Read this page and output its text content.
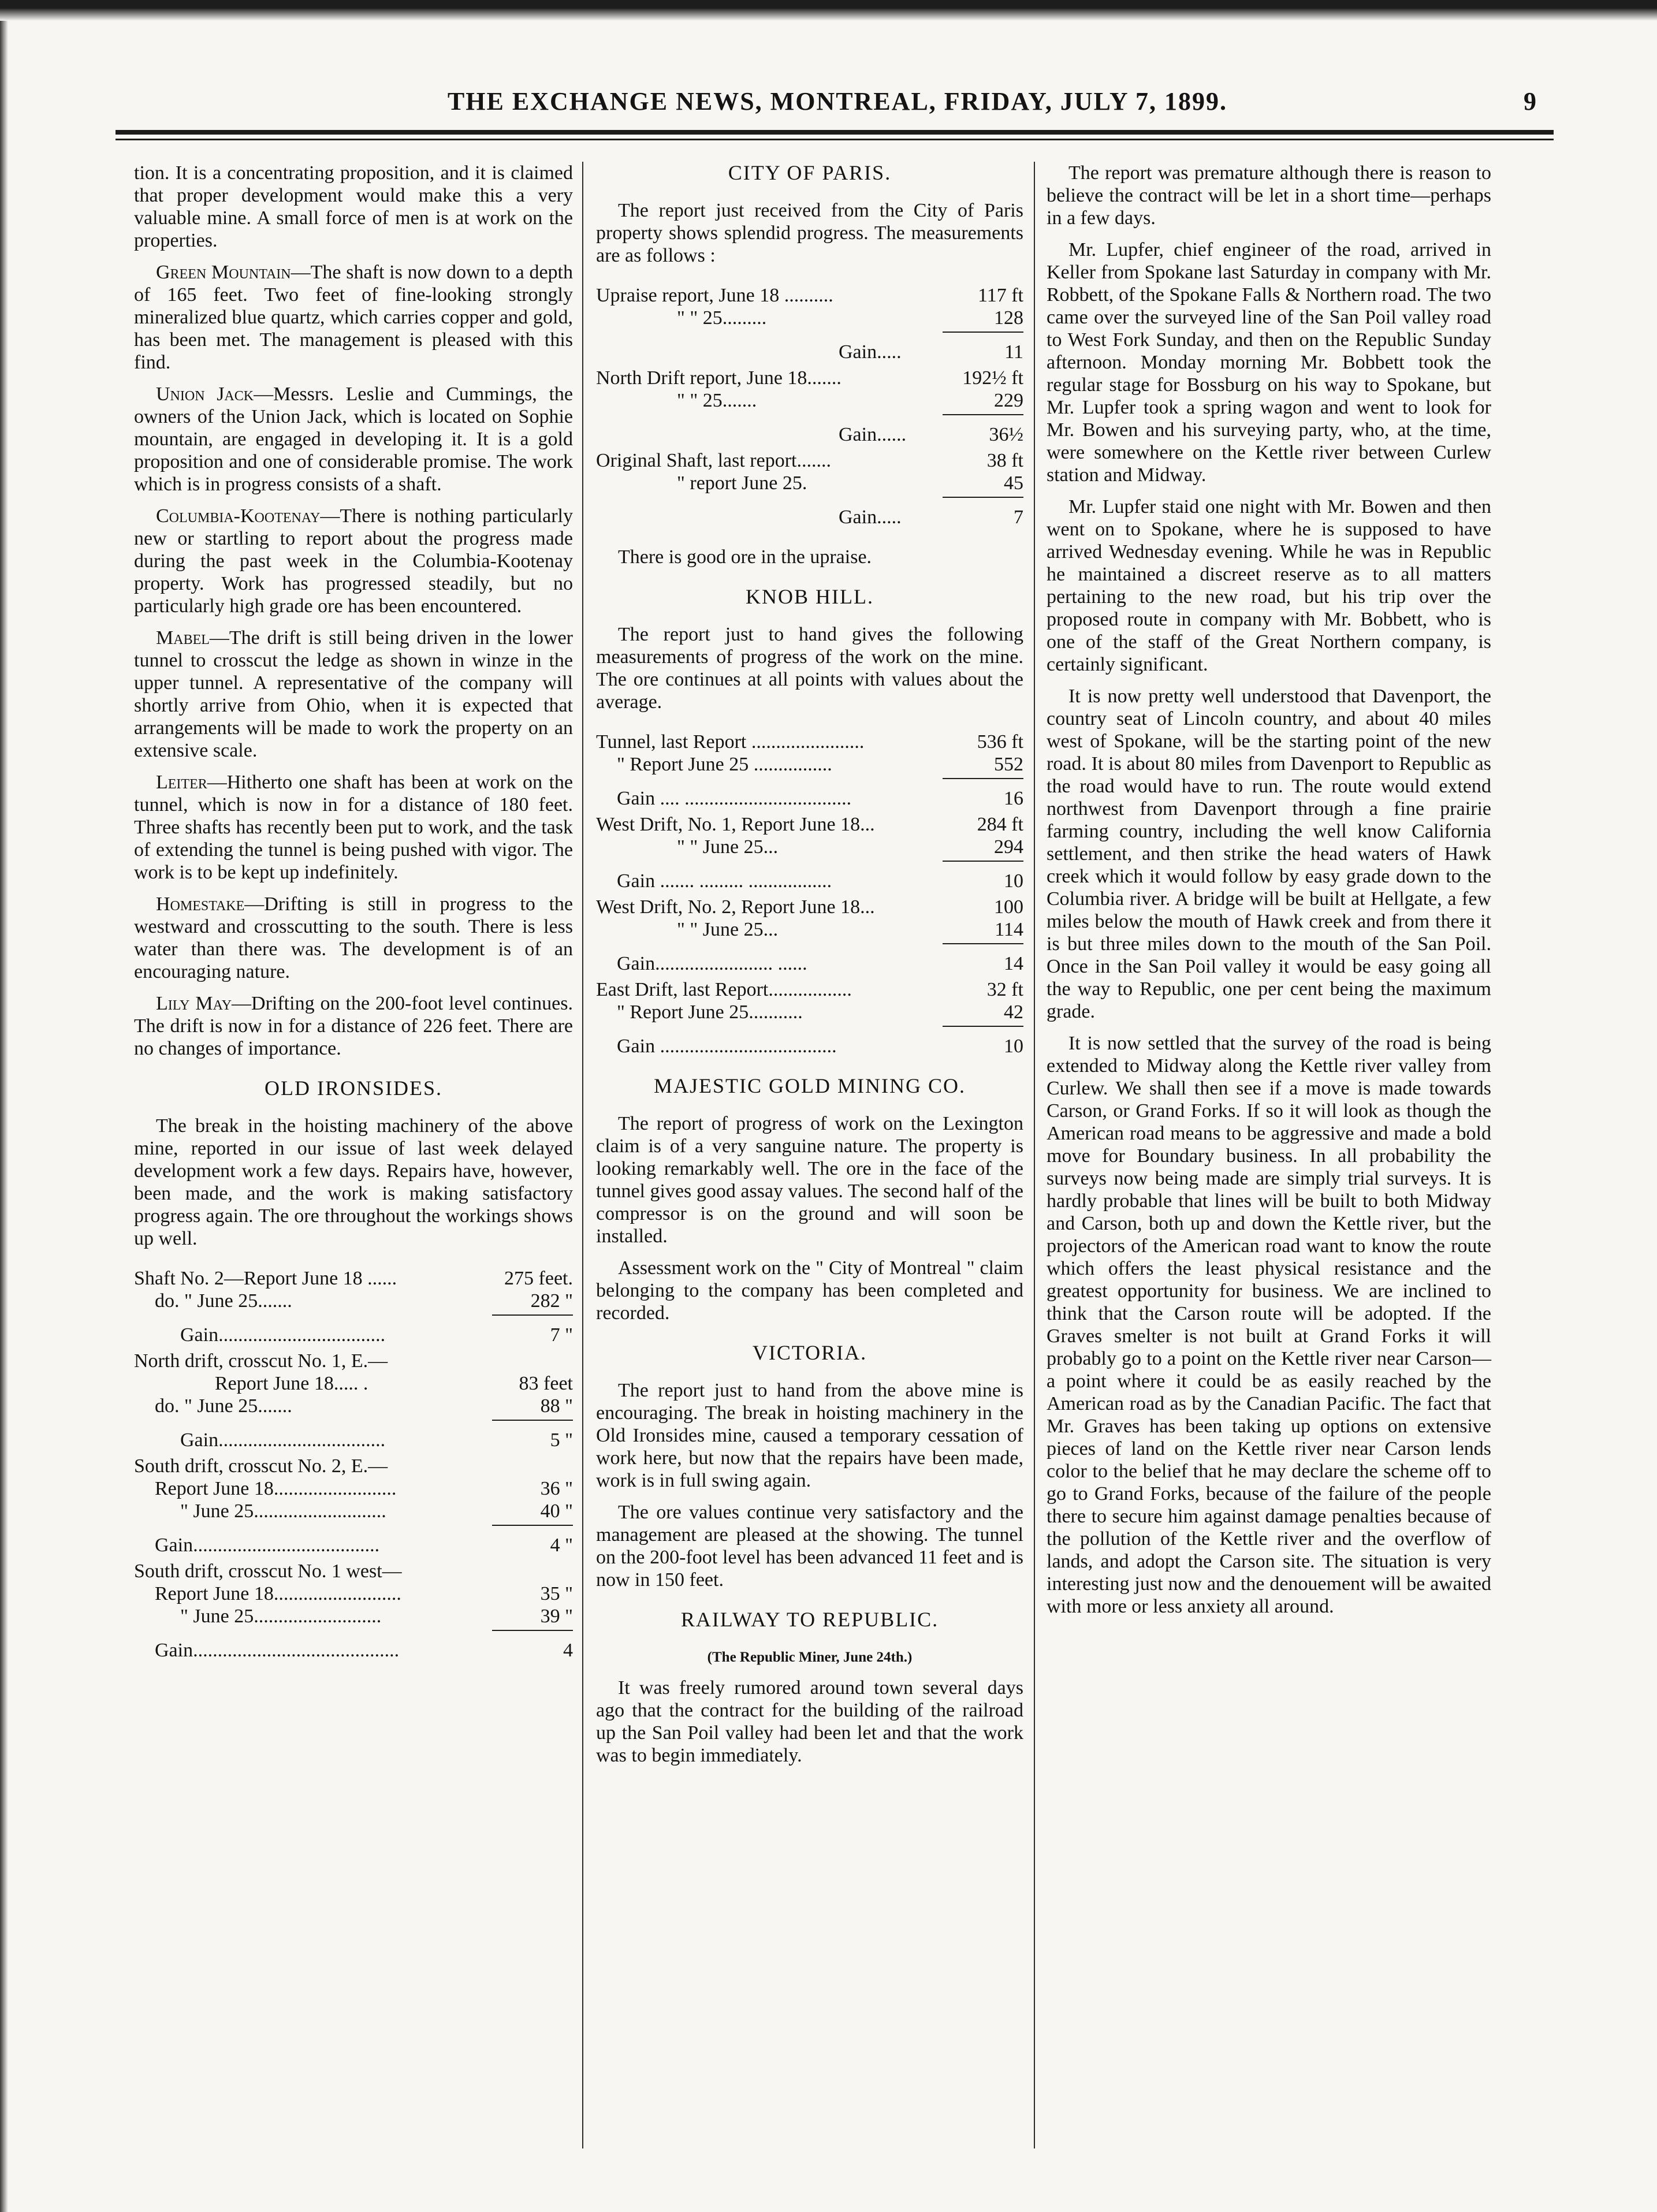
THE EXCHANGE NEWS, MONTREAL, FRIDAY, JULY 7, 1899.	9

tion. It is a concentrating proposition, and it is claimed that proper development would make this a very valuable mine. A small force of men is at work on the properties.

Green Mountain—The shaft is now down to a depth of 165 feet. Two feet of fine-looking strongly mineralized blue quartz, which carries copper and gold, has been met. The management is pleased with this find.

Union Jack—Messrs. Leslie and Cummings, the owners of the Union Jack, which is located on Sophie mountain, are engaged in developing it. It is a gold proposition and one of considerable promise. The work which is in progress consists of a shaft.

Columbia-Kootenay—There is nothing particularly new or startling to report about the progress made during the past week in the Columbia-Kootenay property. Work has progressed steadily, but no particularly high grade ore has been encountered.

Mabel—The drift is still being driven in the lower tunnel to crosscut the ledge as shown in winze in the upper tunnel. A representative of the company will shortly arrive from Ohio, when it is expected that arrangements will be made to work the property on an extensive scale.

Leiter—Hitherto one shaft has been at work on the tunnel, which is now in for a distance of 180 feet. Three shafts has recently been put to work, and the task of extending the tunnel is being pushed with vigor. The work is to be kept up indefinitely.

Homestake—Drifting is still in progress to the westward and crosscutting to the south. There is less water than there was. The development is of an encouraging nature.

Lily May—Drifting on the 200-foot level continues. The drift is now in for a distance of 226 feet. There are no changes of importance.

OLD IRONSIDES.

The break in the hoisting machinery of the above mine, reported in our issue of last week delayed development work a few days. Repairs have, however, been made, and the work is making satisfactory progress again. The ore throughout the workings shows up well.

Shaft No. 2—Report June 18 ......	275 feet.
do. " June 25.......	282 "
Gain..................................	7 "
North drift, crosscut No. 1, E.—
Report June 18..... .	83 feet
do. " June 25.......	88 "
Gain..................................	5 "
South drift, crosscut No. 2, E.—
Report June 18.........................	36 "
" June 25...........................	40 "
Gain......................................	4 "
South drift, crosscut No. 1 west—
Report June 18..........................	35 "
" June 25..........................	39 "
Gain..........................................	4
CITY OF PARIS.

The report just received from the City of Paris property shows splendid progress. The measurements are as follows :

Upraise report, June 18 ..........	117 ft
" " 25.........	128
Gain.....	11
North Drift report, June 18.......	192½ ft
" " 25.......	229
Gain......	36½
Original Shaft, last report.......	38 ft
" report June 25.	45
Gain.....	7

There is good ore in the upraise.

KNOB HILL.

The report just to hand gives the following measurements of progress of the work on the mine. The ore continues at all points with values about the average.

Tunnel, last Report .......................	536 ft
" Report June 25 ................	552
Gain .... ..................................	16
West Drift, No. 1, Report June 18...	284 ft
" " June 25...	294
Gain ....... ......... .................	10
West Drift, No. 2, Report June 18...	100
" " June 25...	114
Gain........................ ......	14
East Drift, last Report.................	32 ft
" Report June 25...........	42
Gain ....................................	10
MAJESTIC GOLD MINING CO.

The report of progress of work on the Lexington claim is of a very sanguine nature. The property is looking remarkably well. The ore in the face of the tunnel gives good assay values. The second half of the compressor is on the ground and will soon be installed.

Assessment work on the " City of Montreal " claim belonging to the company has been completed and recorded.

VICTORIA.

The report just to hand from the above mine is encouraging. The break in hoisting machinery in the Old Ironsides mine, caused a temporary cessation of work here, but now that the repairs have been made, work is in full swing again.

The ore values continue very satisfactory and the management are pleased at the showing. The tunnel on the 200-foot level has been advanced 11 feet and is now in 150 feet.

RAILWAY TO REPUBLIC.

(The Republic Miner, June 24th.)

It was freely rumored around town several days ago that the contract for the building of the railroad up the San Poil valley had been let and that the work was to begin immediately.

The report was premature although there is reason to believe the contract will be let in a short time—perhaps in a few days.

Mr. Lupfer, chief engineer of the road, arrived in Keller from Spokane last Saturday in company with Mr. Robbett, of the Spokane Falls & Northern road. The two came over the surveyed line of the San Poil valley road to West Fork Sunday, and then on the Republic Sunday afternoon. Monday morning Mr. Bobbett took the regular stage for Bossburg on his way to Spokane, but Mr. Lupfer took a spring wagon and went to look for Mr. Bowen and his surveying party, who, at the time, were somewhere on the Kettle river between Curlew station and Midway.

Mr. Lupfer staid one night with Mr. Bowen and then went on to Spokane, where he is supposed to have arrived Wednesday evening. While he was in Republic he maintained a discreet reserve as to all matters pertaining to the new road, but his trip over the proposed route in company with Mr. Bobbett, who is one of the staff of the Great Northern company, is certainly significant.

It is now pretty well understood that Davenport, the country seat of Lincoln country, and about 40 miles west of Spokane, will be the starting point of the new road. It is about 80 miles from Davenport to Republic as the road would have to run. The route would extend northwest from Davenport through a fine prairie farming country, including the well know California settlement, and then strike the head waters of Hawk creek which it would follow by easy grade down to the Columbia river. A bridge will be built at Hellgate, a few miles below the mouth of Hawk creek and from there it is but three miles down to the mouth of the San Poil. Once in the San Poil valley it would be easy going all the way to Republic, one per cent being the maximum grade.

It is now settled that the survey of the road is being extended to Midway along the Kettle river valley from Curlew. We shall then see if a move is made towards Carson, or Grand Forks. If so it will look as though the American road means to be aggressive and made a bold move for Boundary business. In all probability the surveys now being made are simply trial surveys. It is hardly probable that lines will be built to both Midway and Carson, both up and down the Kettle river, but the projectors of the American road want to know the route which offers the least physical resistance and the greatest opportunity for business. We are inclined to think that the Carson route will be adopted. If the Graves smelter is not built at Grand Forks it will probably go to a point on the Kettle river near Carson—a point where it could be as easily reached by the American road as by the Canadian Pacific. The fact that Mr. Graves has been taking up options on extensive pieces of land on the Kettle river near Carson lends color to the belief that he may declare the scheme off to go to Grand Forks, because of the failure of the people there to secure him against damage penalties because of the pollution of the Kettle river and the overflow of lands, and adopt the Carson site. The situation is very interesting just now and the denouement will be awaited with more or less anxiety all around.
